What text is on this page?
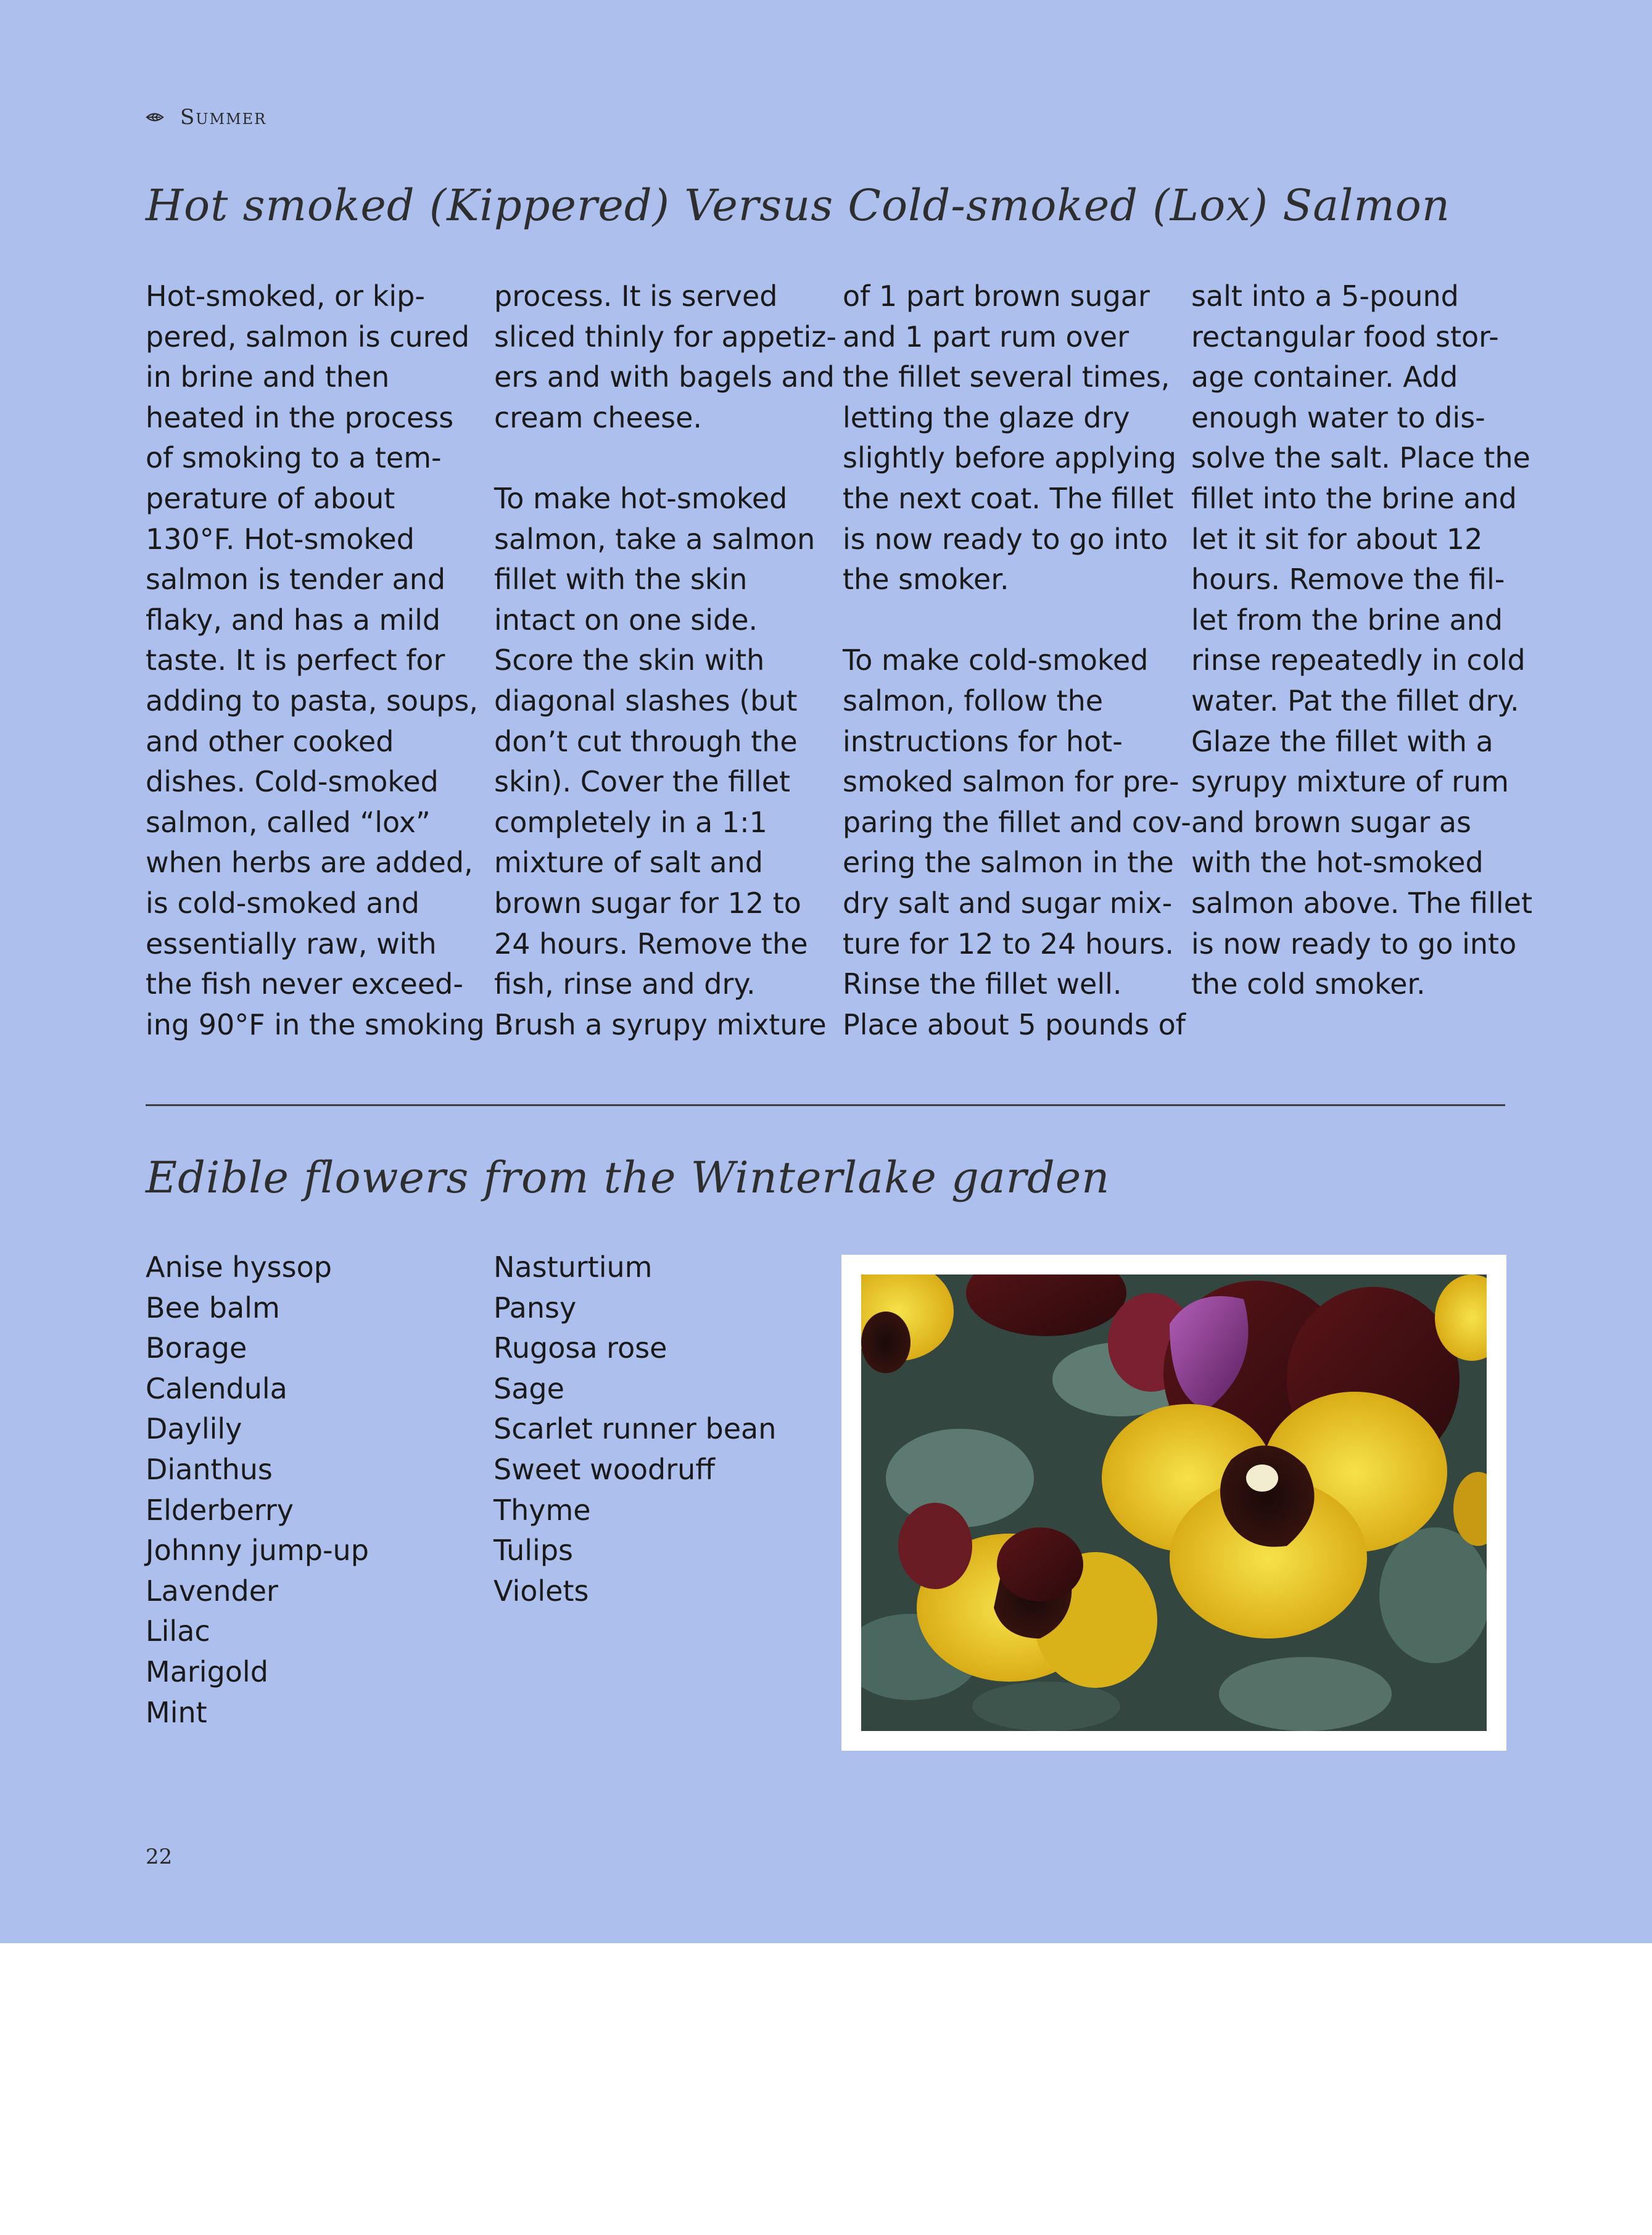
Summer
Hot smoked (Kippered) Versus Cold-smoked (Lox) Salmon

Hot-smoked, or kip-
pered, salmon is cured
in brine and then
heated in the process
of smoking to a tem-
perature of about
130°F. Hot-smoked
salmon is tender and
flaky, and has a mild
taste. It is perfect for
adding to pasta, soups,
and other cooked
dishes. Cold-smoked
salmon, called “lox”
when herbs are added,
is cold-smoked and
essentially raw, with
the fish never exceed-
ing 90°F in the smoking

process. It is served
sliced thinly for appetiz-
ers and with bagels and
cream cheese.

To make hot-smoked
salmon, take a salmon
fillet with the skin
intact on one side.
Score the skin with
diagonal slashes (but
don’t cut through the
skin). Cover the fillet
completely in a 1:1
mixture of salt and
brown sugar for 12 to
24 hours. Remove the
fish, rinse and dry.
Brush a syrupy mixture

of 1 part brown sugar
and 1 part rum over
the fillet several times,
letting the glaze dry
slightly before applying
the next coat. The fillet
is now ready to go into
the smoker.

To make cold-smoked
salmon, follow the
instructions for hot-
smoked salmon for pre-
paring the fillet and cov-
ering the salmon in the
dry salt and sugar mix-
ture for 12 to 24 hours.
Rinse the fillet well.
Place about 5 pounds of

salt into a 5-pound
rectangular food stor-
age container. Add
enough water to dis-
solve the salt. Place the
fillet into the brine and
let it sit for about 12
hours. Remove the fil-
let from the brine and
rinse repeatedly in cold
water. Pat the fillet dry.
Glaze the fillet with a
syrupy mixture of rum
and brown sugar as
with the hot-smoked
salmon above. The fillet
is now ready to go into
the cold smoker.

Edible flowers from the Winterlake garden
Anise hyssop
Bee balm
Borage
Calendula
Daylily
Dianthus
Elderberry
Johnny jump-up
Lavender
Lilac
Marigold
Mint
Nasturtium
Pansy
Rugosa rose
Sage
Scarlet runner bean
Sweet woodruff
Thyme
Tulips
Violets
22
